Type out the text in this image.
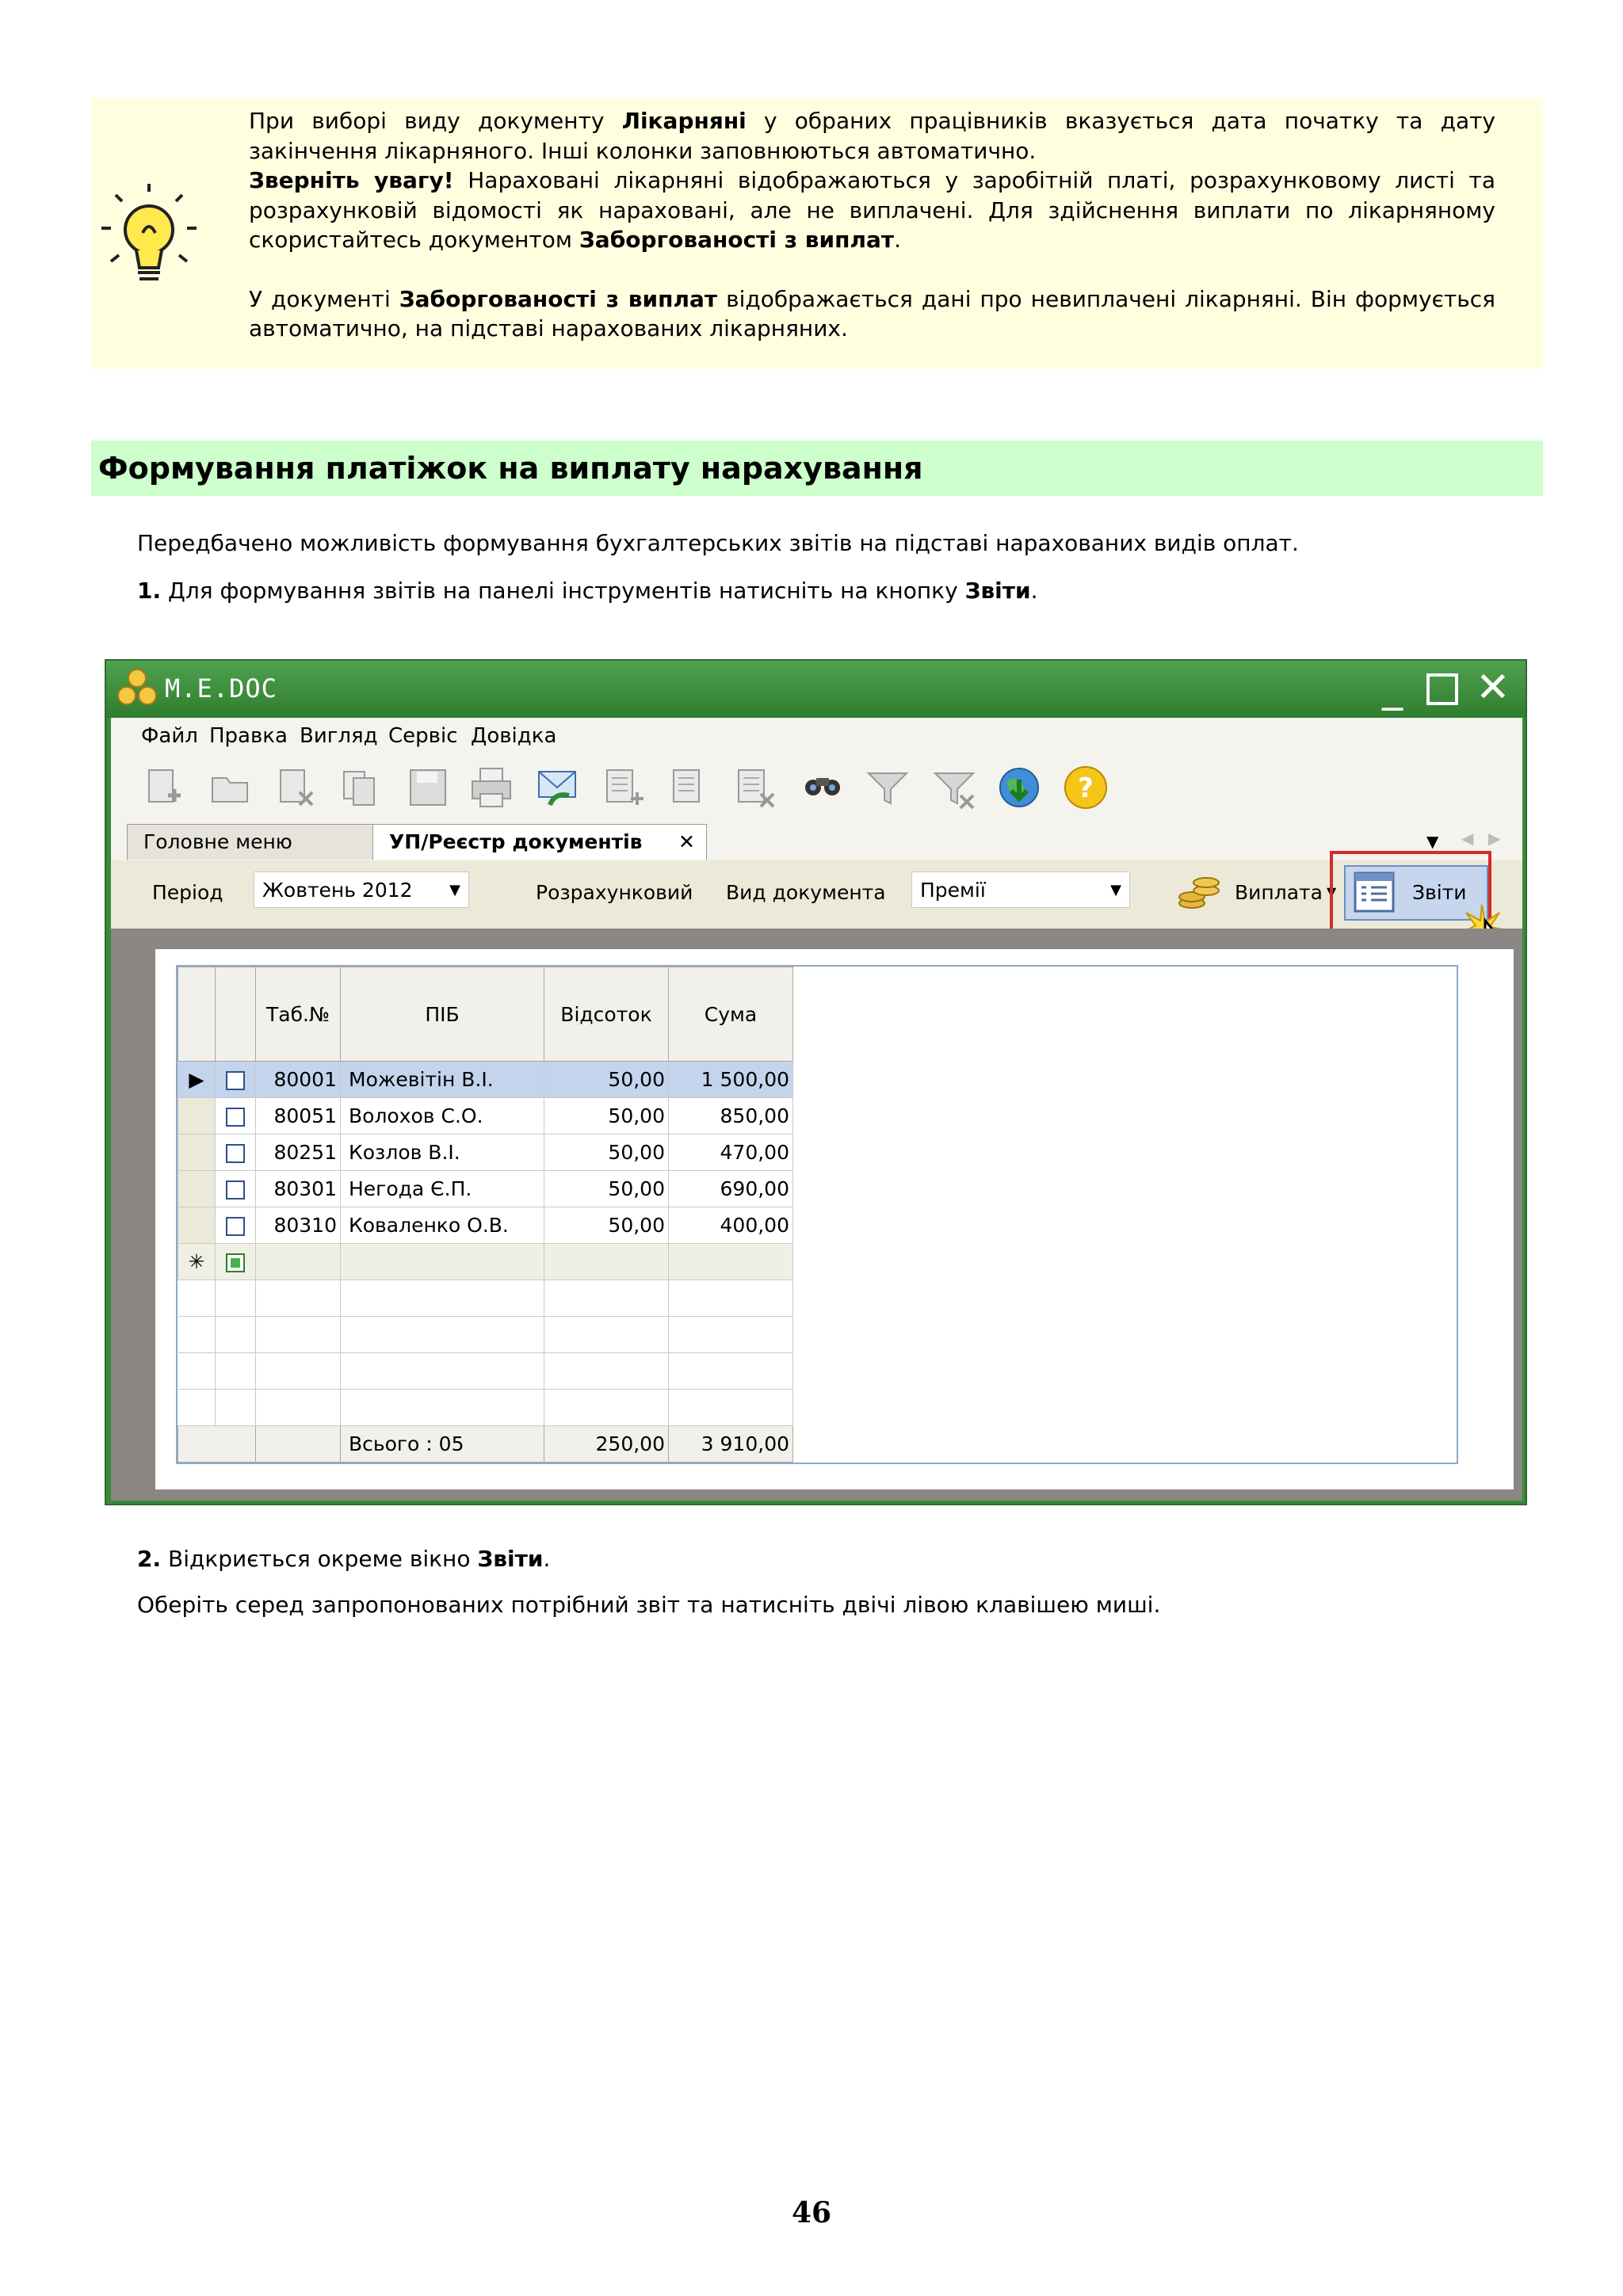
При виборі виду документу Лікарняні у обраних працівників вказується дата початку та дату закінчення лікарняного. Інші колонки заповнюються автоматично.

Зверніть увагу! Нараховані лікарняні відображаються у заробітній платі, розрахунковому листі та розрахунковій відомості як нараховані, але не виплачені. Для здійснення виплати по лікарняному скористайтесь документом Заборгованості з виплат.

У документі Заборгованості з виплат відображається дані про невиплачені лікарняні. Він формується автоматично, на підставі нарахованих лікарняних.

Формування платіжок на виплату нарахування
Передбачено можливість формування бухгалтерських звітів на підставі нарахованих видів оплат.
1. Для формування звітів на панелі інструментів натисніть на кнопку Звіти.
M.E.DOC	_ ✕
Файл Правка Вигляд Сервіс Довідка
?
Головне меню	УП/Реєстр документів ✕	▼ ◀ ▶
Період	Жовтень 2012	▼	Розрахунковий Вид документа	Премії	▼	Виплата ▼	Звіти
		Таб.№	ПІБ	Відсоток	Сума
▶		80001	Можевітін В.І.	50,00	1 500,00
		80051	Волохов С.О.	50,00	850,00
		80251	Козлов В.І.	50,00	470,00
		80301	Негода Є.П.	50,00	690,00
		80310	Коваленко О.В.	50,00	400,00
✳					

			Всього : 05	250,00	3 910,00
2. Відкриється окреме вікно Звіти.
Оберіть серед запропонованих потрібний звіт та натисніть двічі лівою клавішею миші.
46
